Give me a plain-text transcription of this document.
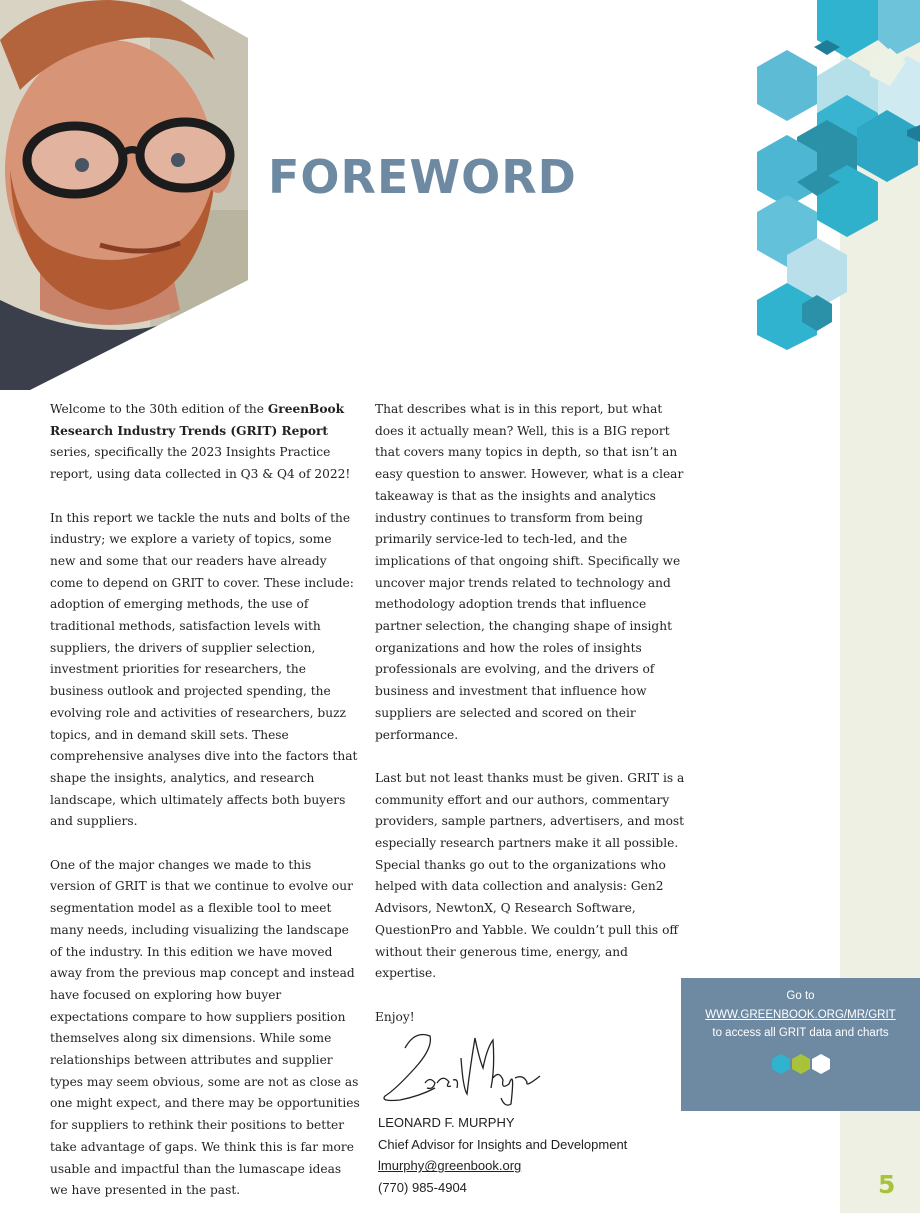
FOREWORD

Welcome to the 30th edition of the GreenBook Research Industry Trends (GRIT) Report series, specifically the 2023 Insights Practice report, using data collected in Q3 & Q4 of 2022!

In this report we tackle the nuts and bolts of the industry; we explore a variety of topics, some new and some that our readers have already come to depend on GRIT to cover. These include: adoption of emerging methods, the use of traditional methods, satisfaction levels with suppliers, the drivers of supplier selection, investment priorities for researchers, the business outlook and projected spending, the evolving role and activities of researchers, buzz topics, and in demand skill sets. These comprehensive analyses dive into the factors that shape the insights, analytics, and research landscape, which ultimately affects both buyers and suppliers.

One of the major changes we made to this version of GRIT is that we continue to evolve our segmentation model as a flexible tool to meet many needs, including visualizing the landscape of the industry. In this edition we have moved away from the previous map concept and instead have focused on exploring how buyer expectations compare to how suppliers position themselves along six dimensions. While some relationships between attributes and supplier types may seem obvious, some are not as close as one might expect, and there may be opportunities for suppliers to rethink their positions to better take advantage of gaps. We think this is far more usable and impactful than the lumascape ideas we have presented in the past.

That describes what is in this report, but what does it actually mean? Well, this is a BIG report that covers many topics in depth, so that isn’t an easy question to answer. However, what is a clear takeaway is that as the insights and analytics industry continues to transform from being primarily service-led to tech-led, and the implications of that ongoing shift. Specifically we uncover major trends related to technology and methodology adoption trends that influence partner selection, the changing shape of insight organizations and how the roles of insights professionals are evolving, and the drivers of business and investment that influence how suppliers are selected and scored on their performance.

Last but not least thanks must be given. GRIT is a community effort and our authors, commentary providers, sample partners, advertisers, and most especially research partners make it all possible. Special thanks go out to the organizations who helped with data collection and analysis: Gen2 Advisors, NewtonX, Q Research Software, QuestionPro and Yabble. We couldn’t pull this off without their generous time, energy, and expertise.

Enjoy!

LEONARD F. MURPHY
Chief Advisor for Insights and Development
lmurphy@greenbook.org
(770) 985-4904
Go to
WWW.GREENBOOK.ORG/MR/GRIT
to access all GRIT data and charts
5
